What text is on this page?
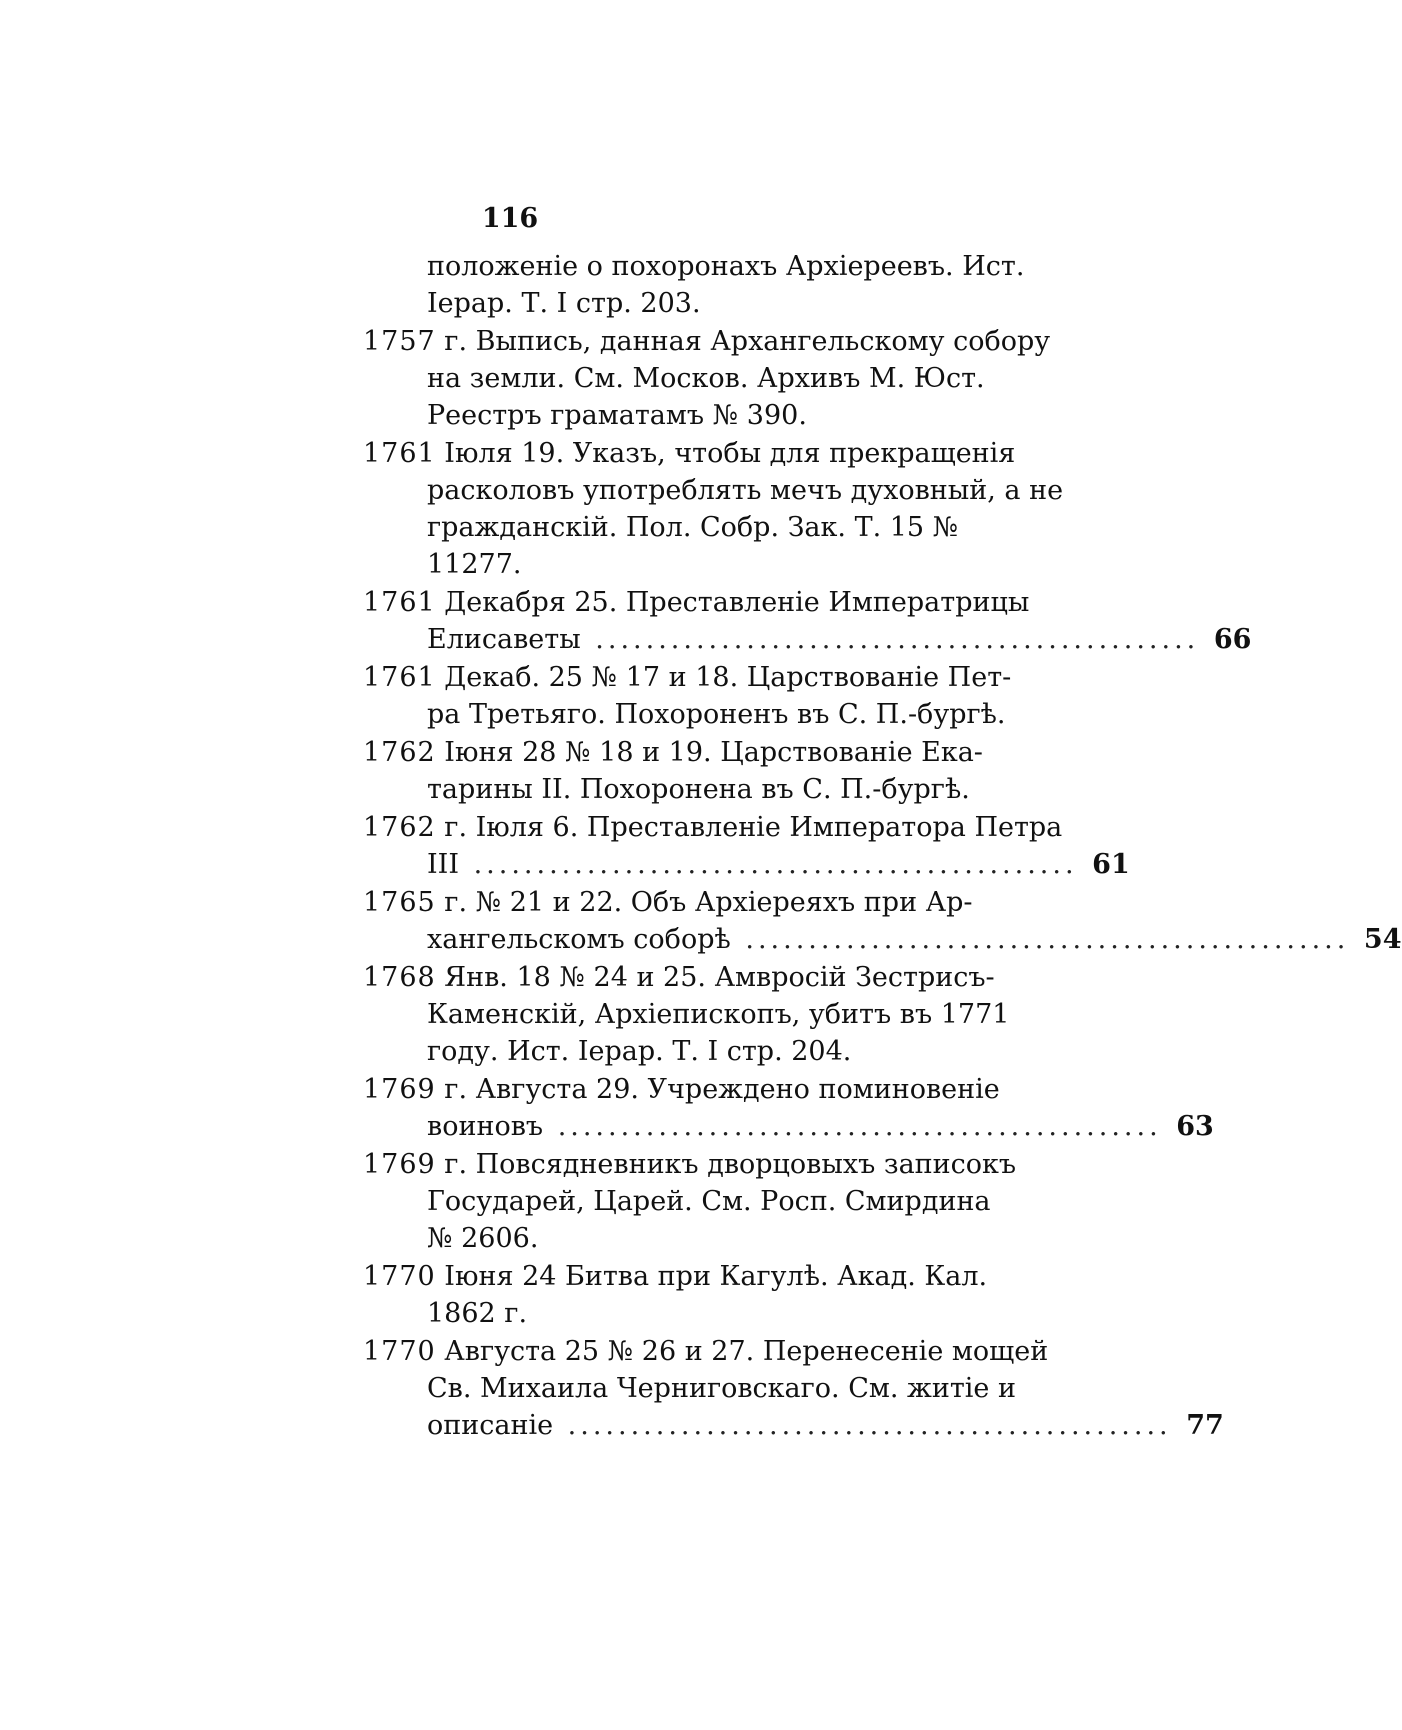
116
положеніе о похоронахъ Архіереевъ. Ист.
Іерар. Т. I стр. 203.
1757 г. Выпись, данная Архангельскому собору
на земли. См. Москов. Архивъ М. Юст.
Реестръ граматамъ № 390.
1761 Іюля 19. Указъ, чтобы для прекращенія
расколовъ употреблять мечъ духовный, а не
гражданскій. Пол. Собр. Зак. Т. 15 №
11277.
1761 Декабря 25. Преставленіе Императрицы
Елисаветы ................................................ 66
1761 Декаб. 25 № 17 и 18. Царствованіе Пет-
ра Третьяго. Похороненъ въ С. П.-бургѣ.
1762 Іюня 28 № 18 и 19. Царствованіе Ека-
тарины II. Похоронена въ С. П.-бургѣ.
1762 г. Іюля 6. Преставленіе Императора Петра
III ................................................ 61
1765 г. № 21 и 22. Объ Архіереяхъ при Ар-
хангельскомъ соборѣ ................................................ 54
1768 Янв. 18 № 24 и 25. Амвросій Зестрисъ-
Каменскій, Архіепископъ, убитъ въ 1771
году. Ист. Іерар. Т. I стр. 204.
1769 г. Августа 29. Учреждено поминовеніе
воиновъ ................................................ 63
1769 г. Повсядневникъ дворцовыхъ записокъ
Государей, Царей. См. Росп. Смирдина
№ 2606.
1770 Іюня 24 Битва при Кагулѣ. Акад. Кал.
1862 г.
1770 Августа 25 № 26 и 27. Перенесеніе мощей
Св. Михаила Черниговскаго. См. житіе и
описаніе ................................................ 77
